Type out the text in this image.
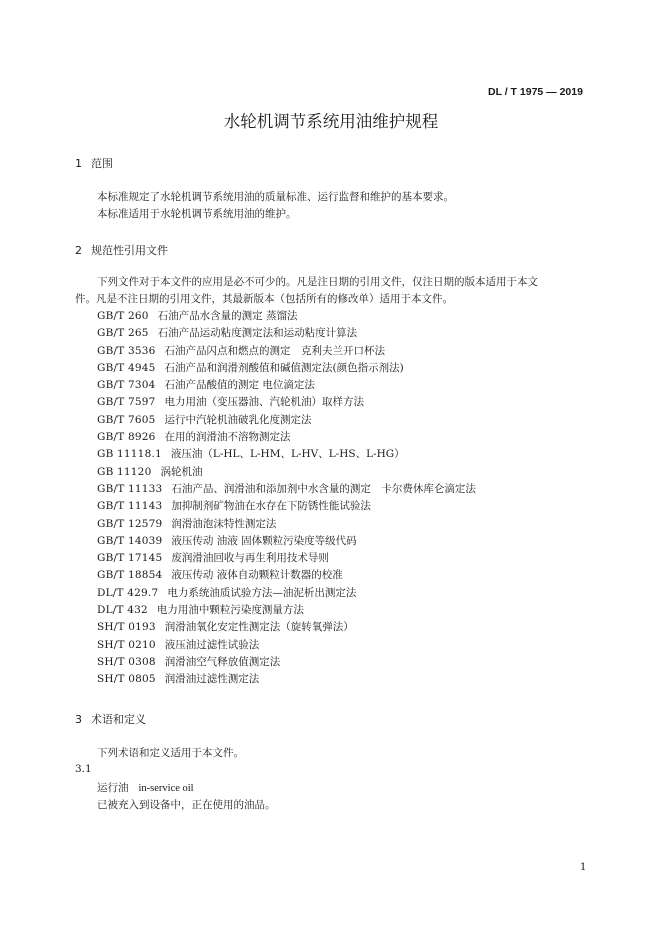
DL / T 1975 — 2019
水轮机调节系统用油维护规程
1 范围
本标准规定了水轮机调节系统用油的质量标准、运行监督和维护的基本要求。
本标准适用于水轮机调节系统用油的维护。
2 规范性引用文件
下列文件对于本文件的应用是必不可少的。凡是注日期的引用文件，仅注日期的版本适用于本文
件。凡是不注日期的引用文件，其最新版本（包括所有的修改单）适用于本文件。
GB/T 260　 石油产品水含量的测定 蒸馏法
GB/T 265　 石油产品运动粘度测定法和运动粘度计算法
GB/T 3536　 石油产品闪点和燃点的测定　克利夫兰开口杯法
GB/T 4945　 石油产品和润滑剂酸值和碱值测定法(颜色指示剂法)
GB/T 7304　 石油产品酸值的测定 电位滴定法
GB/T 7597　 电力用油（变压器油、汽轮机油）取样方法
GB/T 7605　 运行中汽轮机油破乳化度测定法
GB/T 8926　 在用的润滑油不溶物测定法
GB 11118.1　 液压油（L-HL、L-HM、L-HV、L-HS、L-HG）
GB 11120　 涡轮机油
GB/T 11133　 石油产品、润滑油和添加剂中水含量的测定　卡尔费休库仑滴定法
GB/T 11143　 加抑制剂矿物油在水存在下防锈性能试验法
GB/T 12579　 润滑油泡沫特性测定法
GB/T 14039　 液压传动 油液 固体颗粒污染度等级代码
GB/T 17145　 废润滑油回收与再生利用技术导则
GB/T 18854　 液压传动 液体自动颗粒计数器的校准
DL/T 429.7　 电力系统油质试验方法—油泥析出测定法
DL/T 432　 电力用油中颗粒污染度测量方法
SH/T 0193　 润滑油氧化安定性测定法（旋转氧弹法）
SH/T 0210　 液压油过滤性试验法
SH/T 0308　 润滑油空气释放值测定法
SH/T 0805　 润滑油过滤性测定法
3 术语和定义
下列术语和定义适用于本文件。
3.1
运行油 in-service oil
已被充入到设备中，正在使用的油品。
1
